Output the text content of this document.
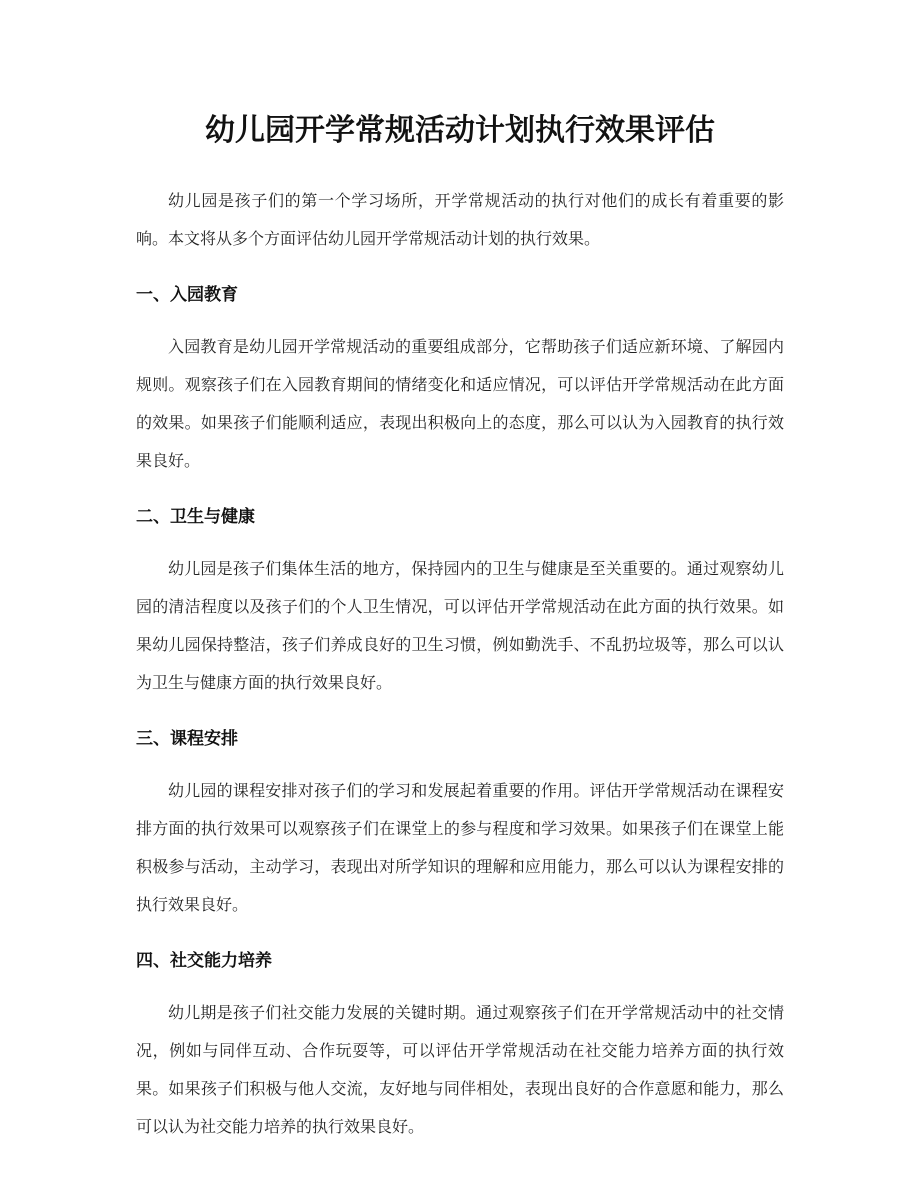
幼儿园开学常规活动计划执行效果评估

幼儿园是孩子们的第一个学习场所，开学常规活动的执行对他们的成长有着重要的影响。本文将从多个方面评估幼儿园开学常规活动计划的执行效果。

一、入园教育

入园教育是幼儿园开学常规活动的重要组成部分，它帮助孩子们适应新环境、了解园内规则。观察孩子们在入园教育期间的情绪变化和适应情况，可以评估开学常规活动在此方面的效果。如果孩子们能顺利适应，表现出积极向上的态度，那么可以认为入园教育的执行效果良好。

二、卫生与健康

幼儿园是孩子们集体生活的地方，保持园内的卫生与健康是至关重要的。通过观察幼儿园的清洁程度以及孩子们的个人卫生情况，可以评估开学常规活动在此方面的执行效果。如果幼儿园保持整洁，孩子们养成良好的卫生习惯，例如勤洗手、不乱扔垃圾等，那么可以认为卫生与健康方面的执行效果良好。

三、课程安排

幼儿园的课程安排对孩子们的学习和发展起着重要的作用。评估开学常规活动在课程安排方面的执行效果可以观察孩子们在课堂上的参与程度和学习效果。如果孩子们在课堂上能积极参与活动，主动学习，表现出对所学知识的理解和应用能力，那么可以认为课程安排的执行效果良好。

四、社交能力培养

幼儿期是孩子们社交能力发展的关键时期。通过观察孩子们在开学常规活动中的社交情况，例如与同伴互动、合作玩耍等，可以评估开学常规活动在社交能力培养方面的执行效果。如果孩子们积极与他人交流，友好地与同伴相处，表现出良好的合作意愿和能力，那么可以认为社交能力培养的执行效果良好。
